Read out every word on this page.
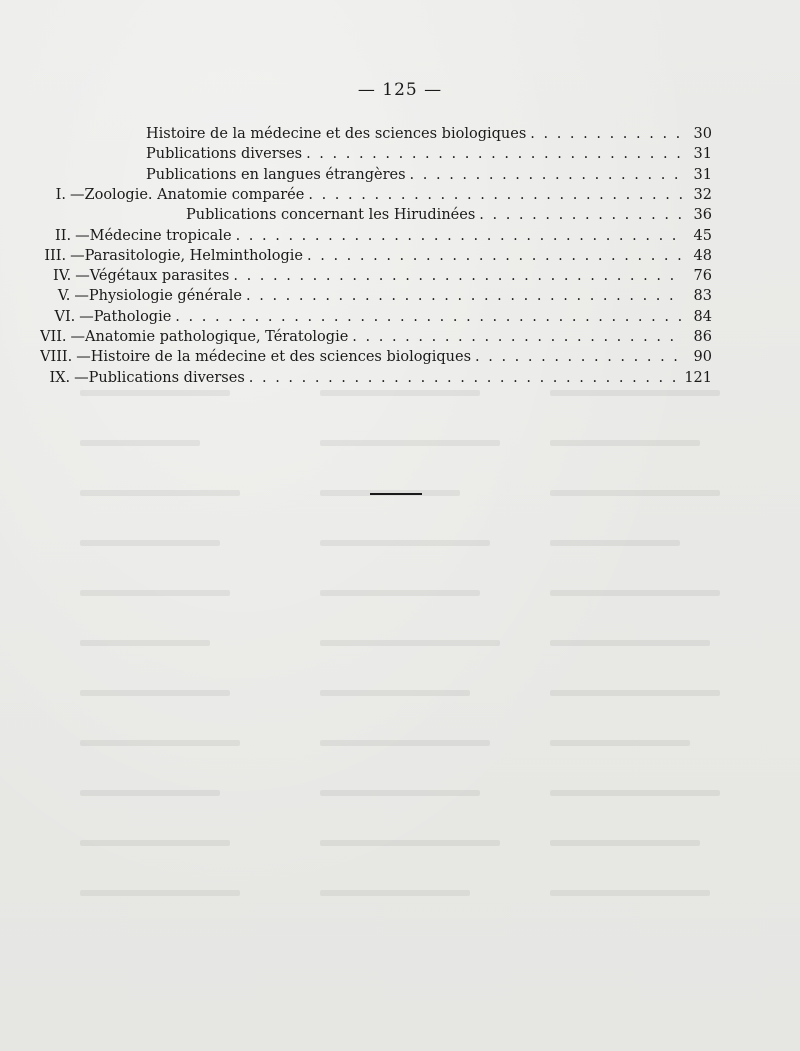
— 125 —
Histoire de la médecine et des sciences biologiques . . .	30
Publications diverses . . .	31
Publications en langues étrangères . . .	31
I. — Zoologie. Anatomie comparée . . .	32
Publications concernant les Hirudinées . . .	36
II. — Médecine tropicale . . .	45
III. — Parasitologie, Helminthologie . . .	48
IV. — Végétaux parasites . . .	76
V. — Physiologie générale . . .	83
VI. — Pathologie . . .	84
VII. — Anatomie pathologique, Tératologie . . .	86
VIII. — Histoire de la médecine et des sciences biologiques . . .	90
IX. — Publications diverses . . .	121
